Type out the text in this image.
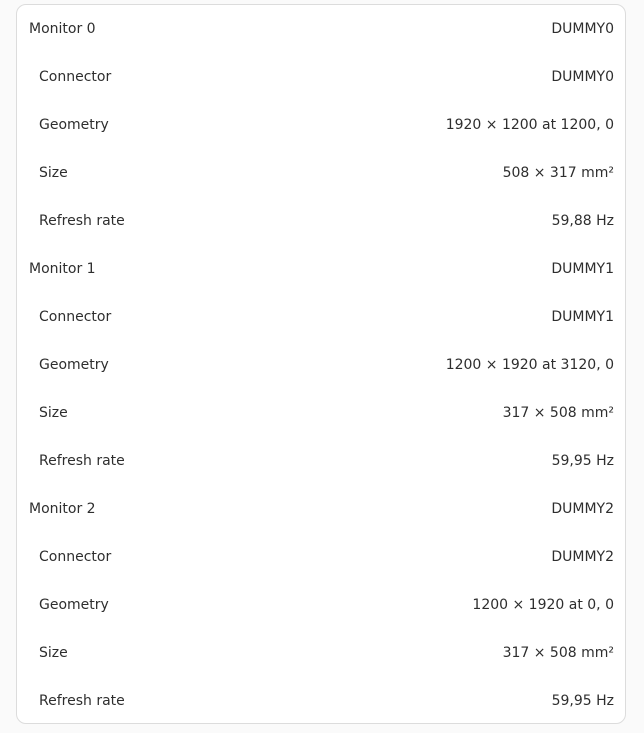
Monitor 0	DUMMY0
Connector	DUMMY0
Geometry	1920 × 1200 at 1200, 0
Size	508 × 317 mm²
Refresh rate	59,88 Hz
Monitor 1	DUMMY1
Connector	DUMMY1
Geometry	1200 × 1920 at 3120, 0
Size	317 × 508 mm²
Refresh rate	59,95 Hz
Monitor 2	DUMMY2
Connector	DUMMY2
Geometry	1200 × 1920 at 0, 0
Size	317 × 508 mm²
Refresh rate	59,95 Hz
